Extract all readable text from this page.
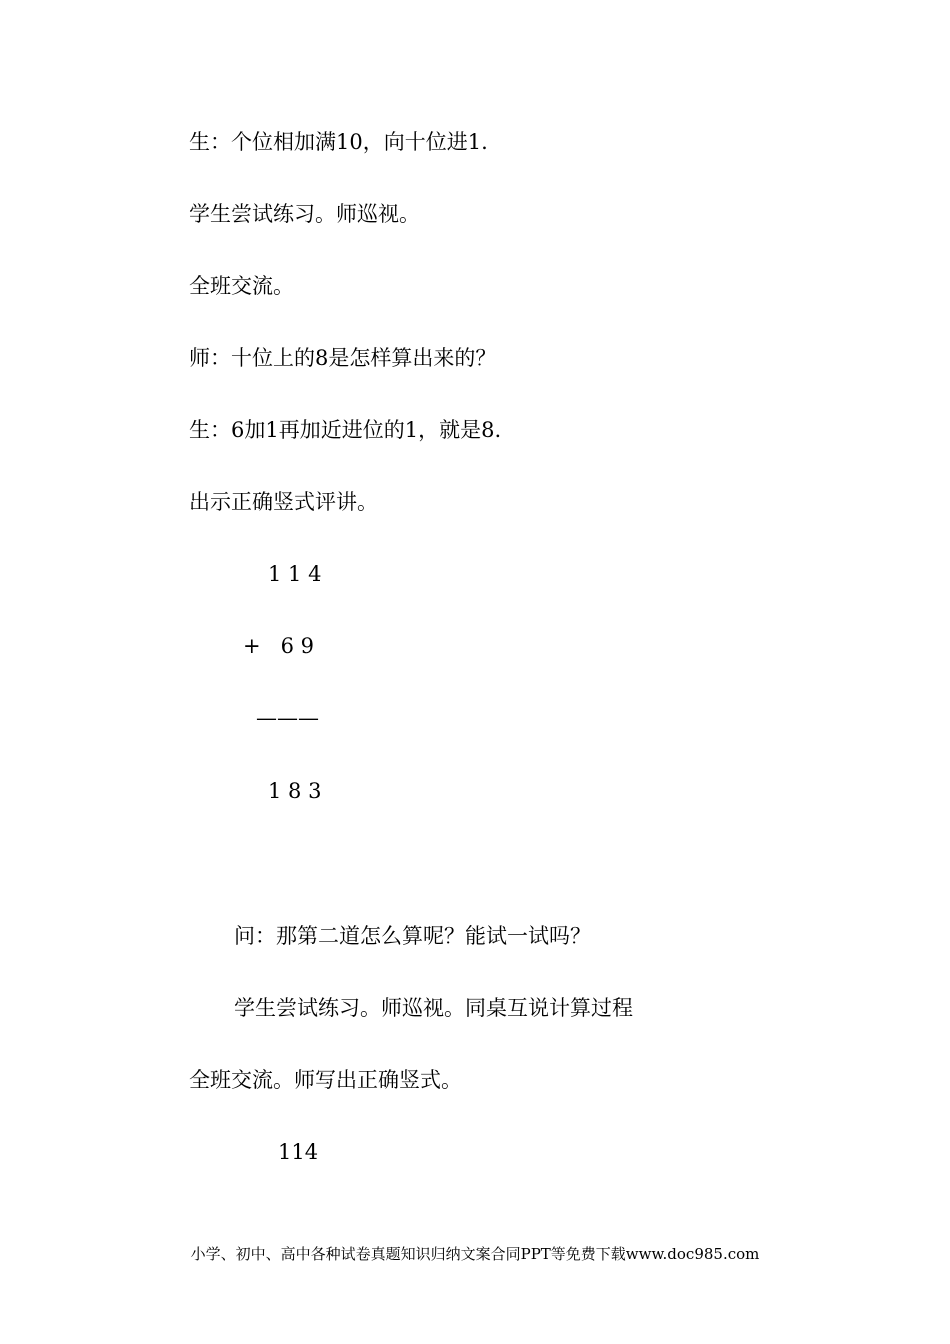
生：个位相加满10，向十位进1.
学生尝试练习。师巡视。
全班交流。
师：十位上的8是怎样算出来的？
生：6加1再加近进位的1，就是8.
出示正确竖式评讲。
1 1 4
+   6 9
———
1 8 3
问：那第二道怎么算呢？能试一试吗？
学生尝试练习。师巡视。同桌互说计算过程
全班交流。师写出正确竖式。
114
小学、初中、高中各种试卷真题知识归纳文案合同PPT等免费下载www.doc985.com
